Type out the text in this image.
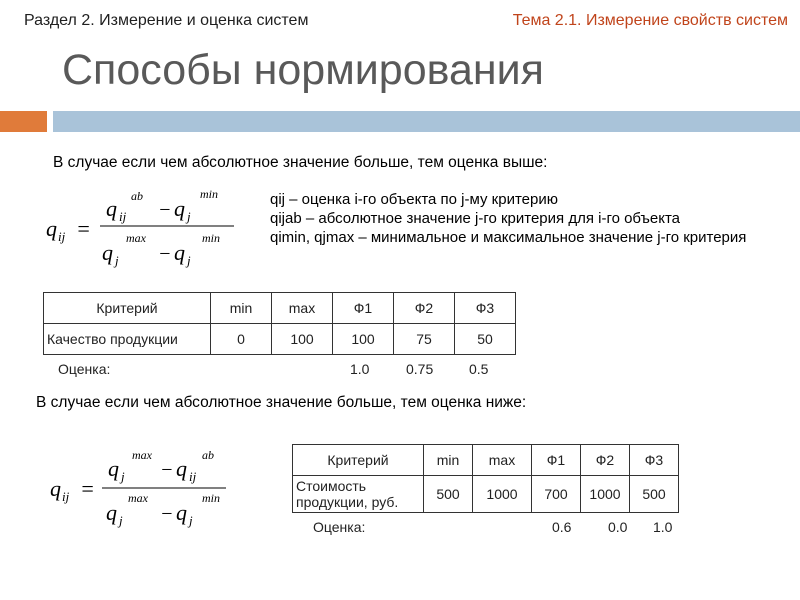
Раздел 2. Измерение и оценка систем	Тема 2.1. Измерение свойств систем
Способы нормирования
В случае если чем абсолютное значение больше, тем оценка выше:
q ij =
q ij
ab
− q j
min
q j
max
− q j
min
qij – оценка i-го объекта по j-му критерию
qijab – абсолютное значение j-го критерия для i-го объекта
qimin, qjmax – минимальное и максимальное значение j-го критерия
Критерий	min	max	Ф1	Ф2	Ф3
Качество продукции	0	100	100	75	50
Оценка:	1.0	0.75	0.5
В случае если чем абсолютное значение больше, тем оценка ниже:
q ij =
q j
max
− q ij
ab
q j
max
− q j
min
Критерий	min	max	Ф1	Ф2	Ф3
Стоимость продукции, руб.	500	1000	700	1000	500
Оценка:	0.6	0.0 1.0
